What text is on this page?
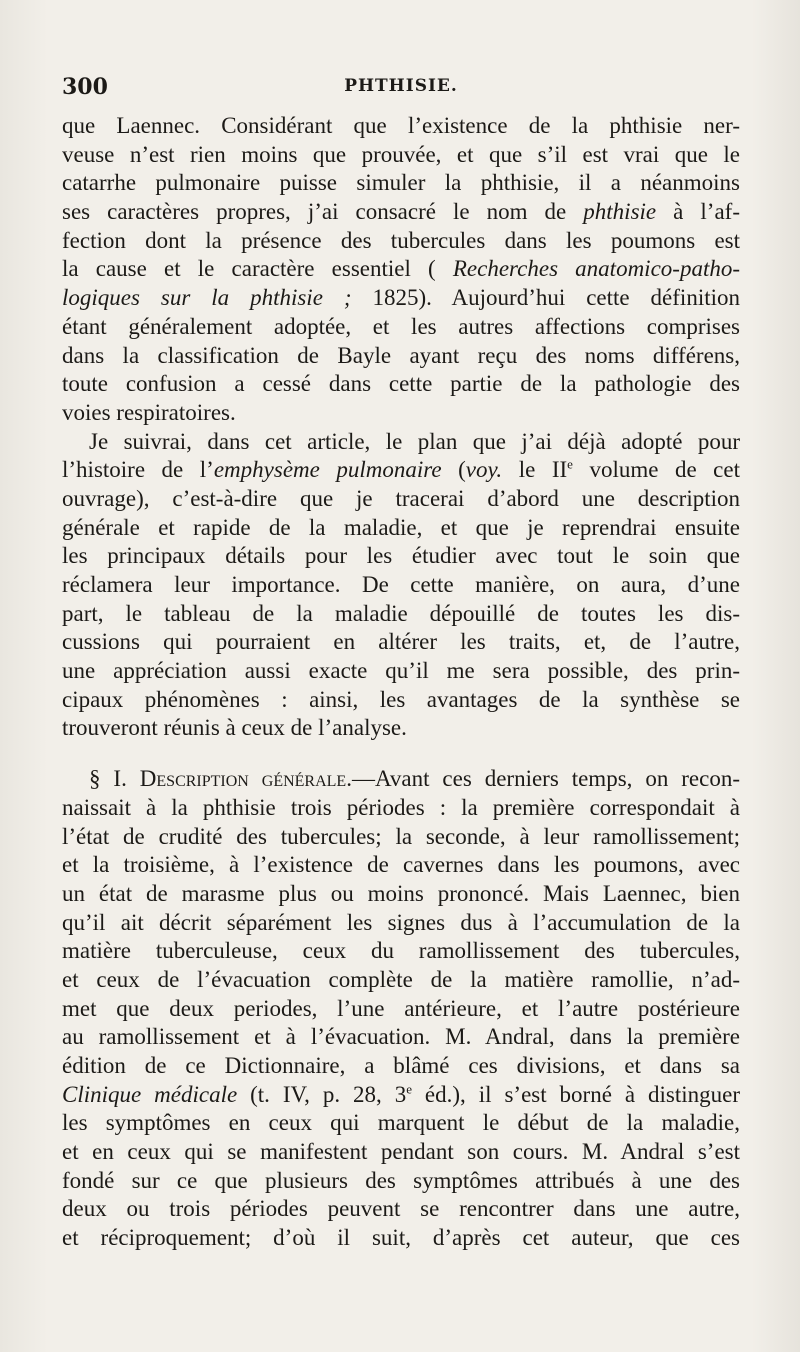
300	PHTHISIE.
que Laennec. Considérant que l’existence de la phthisie ner-
veuse n’est rien moins que prouvée, et que s’il est vrai que le
catarrhe pulmonaire puisse simuler la phthisie, il a néanmoins
ses caractères propres, j’ai consacré le nom de phthisie à l’af-
fection dont la présence des tubercules dans les poumons est
la cause et le caractère essentiel ( Recherches anatomico-patho-
logiques sur la phthisie ; 1825). Aujourd’hui cette définition
étant généralement adoptée, et les autres affections comprises
dans la classification de Bayle ayant reçu des noms différens,
toute confusion a cessé dans cette partie de la pathologie des
voies respiratoires.
Je suivrai, dans cet article, le plan que j’ai déjà adopté pour
l’histoire de l’emphysème pulmonaire (voy. le IIe volume de cet
ouvrage), c’est-à-dire que je tracerai d’abord une description
générale et rapide de la maladie, et que je reprendrai ensuite
les principaux détails pour les étudier avec tout le soin que
réclamera leur importance. De cette manière, on aura, d’une
part, le tableau de la maladie dépouillé de toutes les dis-
cussions qui pourraient en altérer les traits, et, de l’autre,
une appréciation aussi exacte qu’il me sera possible, des prin-
cipaux phénomènes : ainsi, les avantages de la synthèse se
trouveront réunis à ceux de l’analyse.
§ I. Description générale.—Avant ces derniers temps, on recon-
naissait à la phthisie trois périodes : la première correspondait à
l’état de crudité des tubercules; la seconde, à leur ramollissement;
et la troisième, à l’existence de cavernes dans les poumons, avec
un état de marasme plus ou moins prononcé. Mais Laennec, bien
qu’il ait décrit séparément les signes dus à l’accumulation de la
matière tuberculeuse, ceux du ramollissement des tubercules,
et ceux de l’évacuation complète de la matière ramollie, n’ad-
met que deux periodes, l’une antérieure, et l’autre postérieure
au ramollissement et à l’évacuation. M. Andral, dans la première
édition de ce Dictionnaire, a blâmé ces divisions, et dans sa
Clinique médicale (t. IV, p. 28, 3e éd.), il s’est borné à distinguer
les symptômes en ceux qui marquent le début de la maladie,
et en ceux qui se manifestent pendant son cours. M. Andral s’est
fondé sur ce que plusieurs des symptômes attribués à une des
deux ou trois périodes peuvent se rencontrer dans une autre,
et réciproquement; d’où il suit, d’après cet auteur, que ces
